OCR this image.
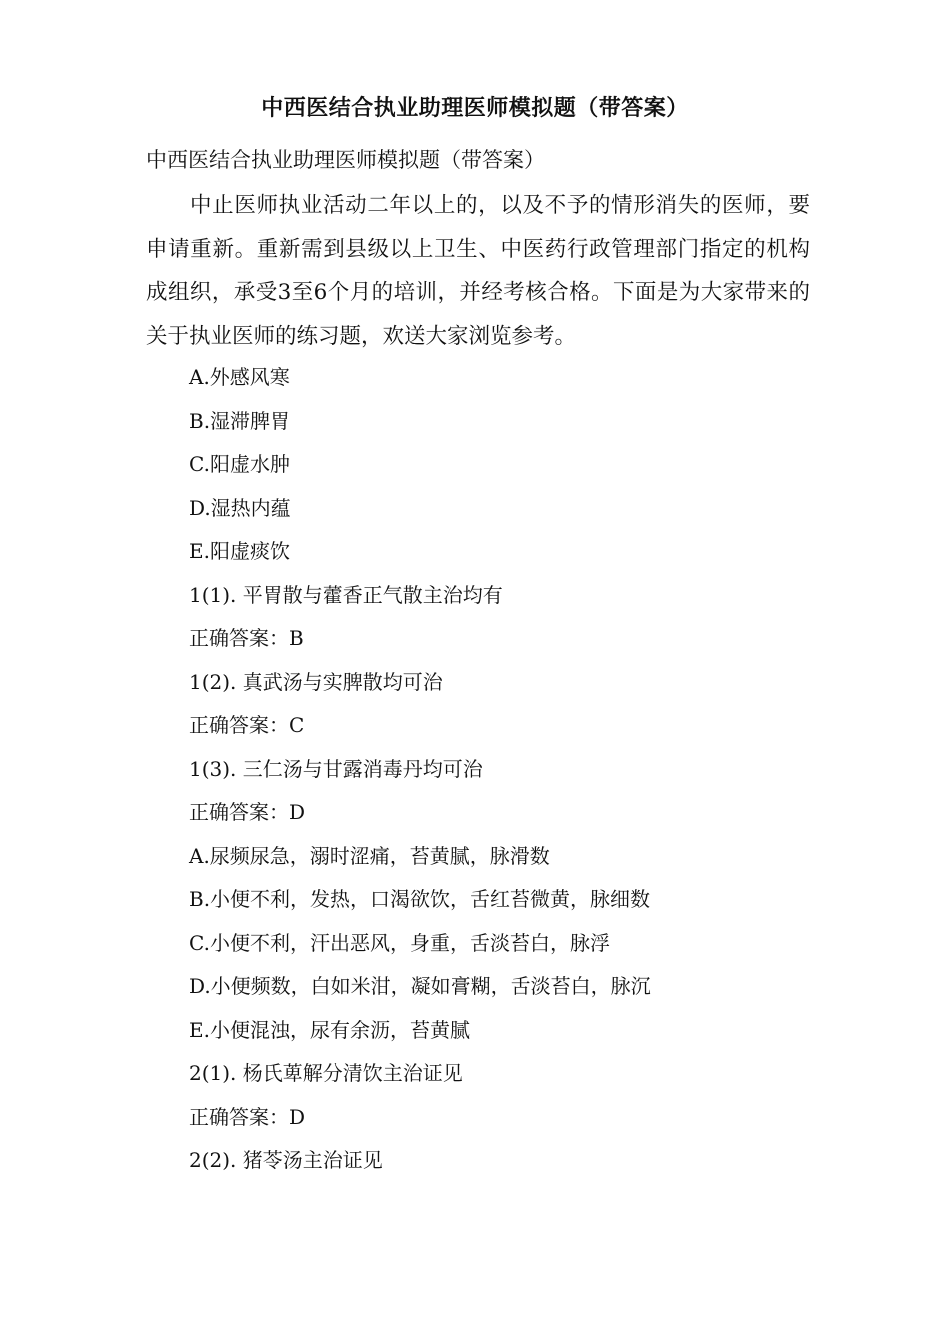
中西医结合执业助理医师模拟题（带答案）
中西医结合执业助理医师模拟题（带答案）

中止医师执业活动二年以上的，以及不予的情形消失的医师，要申请重新。重新需到县级以上卫生、中医药行政管理部门指定的机构成组织，承受3至6个月的培训，并经考核合格。下面是为大家带来的关于执业医师的练习题，欢送大家浏览参考。

A.外感风寒
B.湿滞脾胃
C.阳虚水肿
D.湿热内蕴
E.阳虚痰饮
1(1). 平胃散与藿香正气散主治均有
正确答案：B
1(2). 真武汤与实脾散均可治
正确答案：C
1(3). 三仁汤与甘露消毒丹均可治
正确答案：D
A.尿频尿急，溺时涩痛，苔黄腻，脉滑数
B.小便不利，发热，口渴欲饮，舌红苔微黄，脉细数
C.小便不利，汗出恶风，身重，舌淡苔白，脉浮
D.小便频数，白如米泔，凝如膏糊，舌淡苔白，脉沉
E.小便混浊，尿有余沥，苔黄腻
2(1). 杨氏萆解分清饮主治证见
正确答案：D
2(2). 猪苓汤主治证见
